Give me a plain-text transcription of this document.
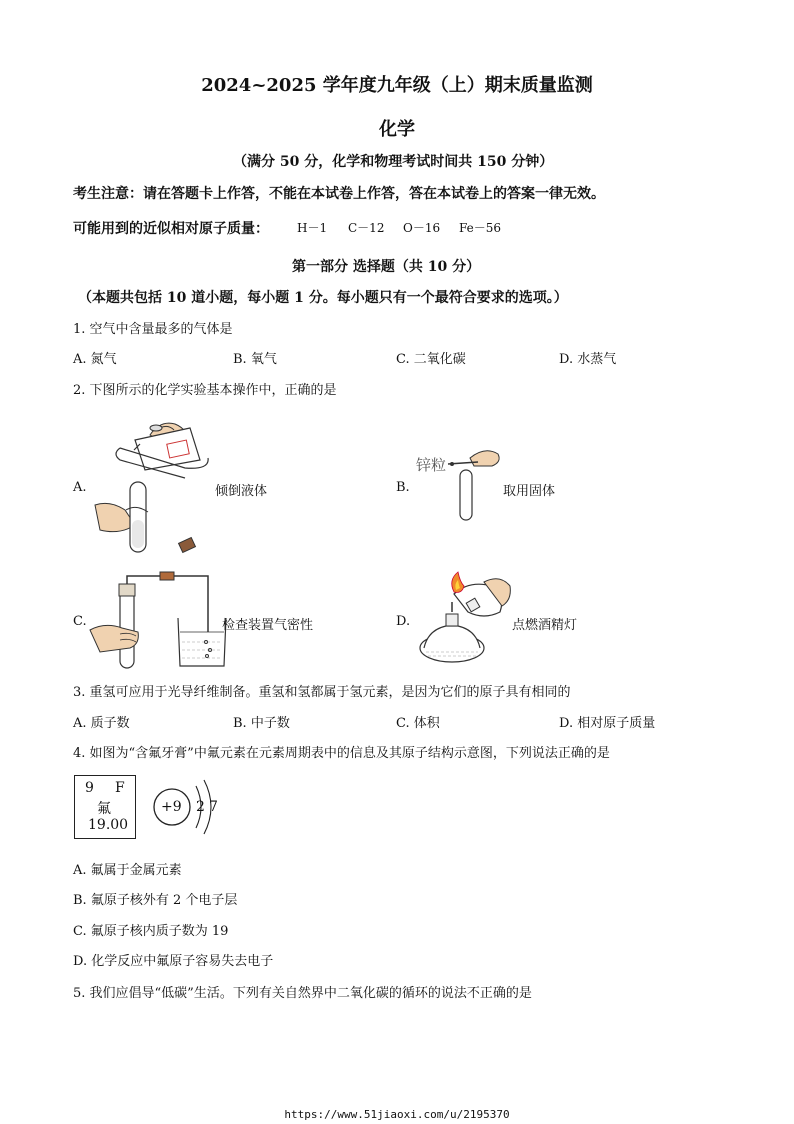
2024~2025 学年度九年级（上）期末质量监测
化学
（满分 50 分，化学和物理考试时间共 150 分钟）
考生注意：请在答题卡上作答，不能在本试卷上作答，答在本试卷上的答案一律无效。
可能用到的近似相对原子质量： H－1 C－12 O－16 Fe－56
第一部分 选择题（共 10 分）
（本题共包括 10 道小题，每小题 1 分。每小题只有一个最符合要求的选项。）
1. 空气中含量最多的气体是
A. 氮气	B. 氧气	C. 二氧化碳	D. 水蒸气
2. 下图所示的化学实验基本操作中，正确的是
A.	倾倒液体	B.
锌粒
取用固体
C.	检查装置气密性	D.	点燃酒精灯
3. 重氢可应用于光导纤维制备。重氢和氢都属于氢元素，是因为它们的原子具有相同的
A. 质子数	B. 中子数	C. 体积	D. 相对原子质量
4. 如图为“含氟牙膏”中氟元素在元素周期表中的信息及其原子结构示意图，下列说法正确的是
9 F
氟
19.00
+9 2 7
A. 氟属于金属元素
B. 氟原子核外有 2 个电子层
C. 氟原子核内质子数为 19
D. 化学反应中氟原子容易失去电子
5. 我们应倡导“低碳”生活。下列有关自然界中二氧化碳的循环的说法不正确的是
https://www.51jiaoxi.com/u/2195370
